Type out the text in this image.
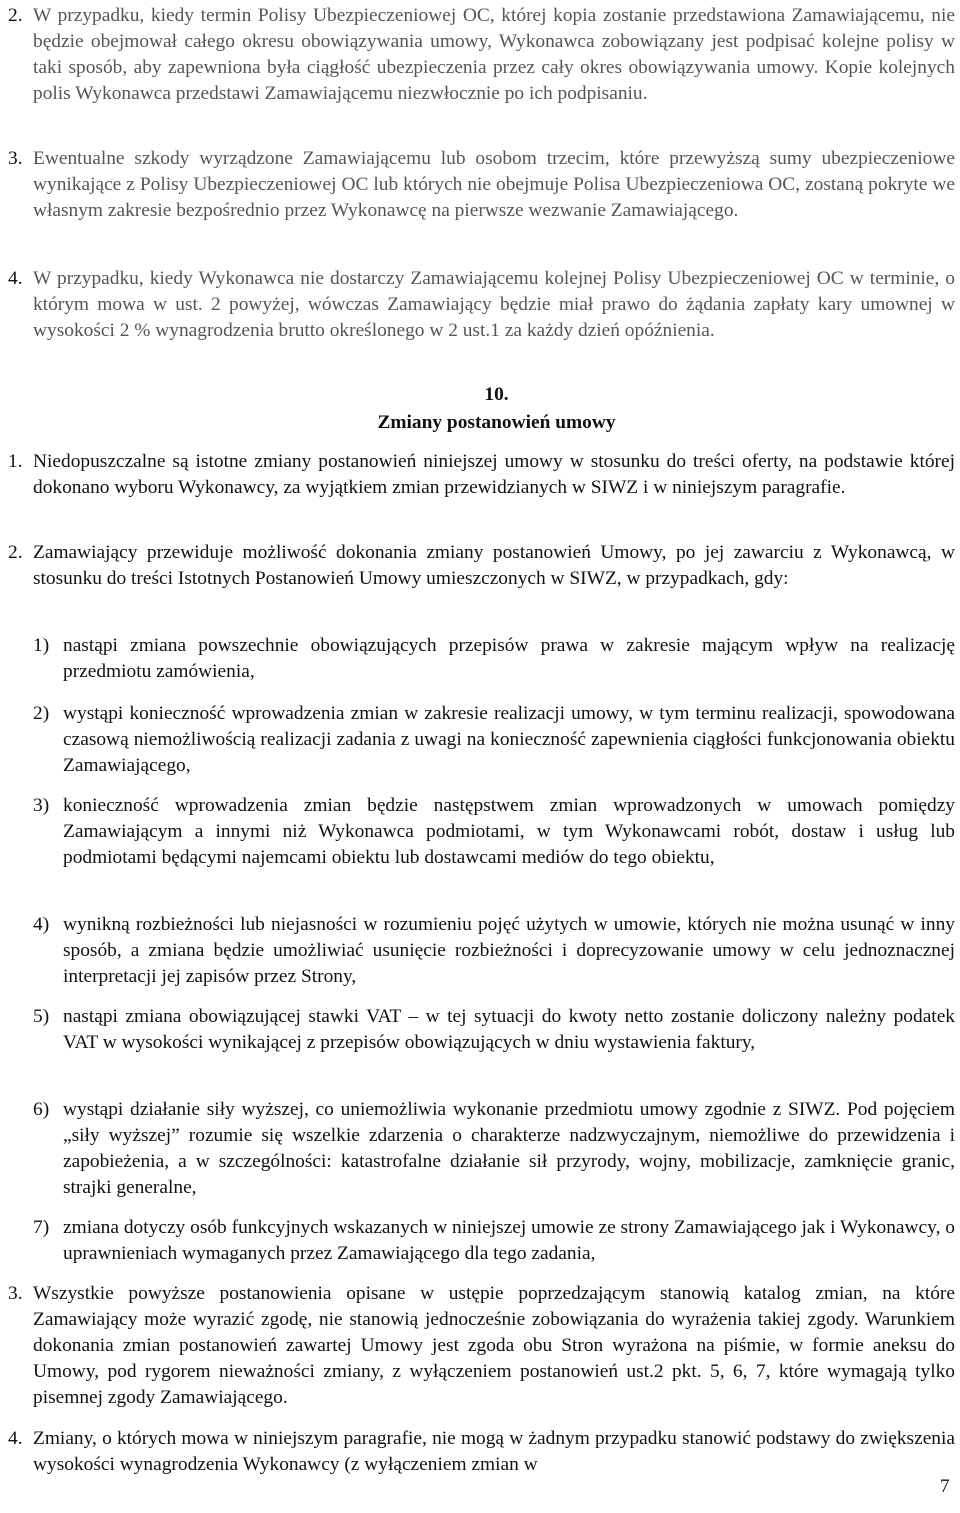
2. W przypadku, kiedy termin Polisy Ubezpieczeniowej OC, której kopia zostanie przedstawiona Zamawiającemu, nie będzie obejmował całego okresu obowiązywania umowy, Wykonawca zobowiązany jest podpisać kolejne polisy w taki sposób, aby zapewniona była ciągłość ubezpieczenia przez cały okres obowiązywania umowy. Kopie kolejnych polis Wykonawca przedstawi Zamawiającemu niezwłocznie po ich podpisaniu.
3. Ewentualne szkody wyrządzone Zamawiającemu lub osobom trzecim, które przewyższą sumy ubezpieczeniowe wynikające z Polisy Ubezpieczeniowej OC lub których nie obejmuje Polisa Ubezpieczeniowa OC, zostaną pokryte we własnym zakresie bezpośrednio przez Wykonawcę na pierwsze wezwanie Zamawiającego.
4. W przypadku, kiedy Wykonawca nie dostarczy Zamawiającemu kolejnej Polisy Ubezpieczeniowej OC w terminie, o którym mowa w ust. 2 powyżej, wówczas Zamawiający będzie miał prawo do żądania zapłaty kary umownej w wysokości 2 % wynagrodzenia brutto określonego w 2 ust.1 za każdy dzień opóźnienia.
10.
Zmiany postanowień umowy
1. Niedopuszczalne są istotne zmiany postanowień niniejszej umowy w stosunku do treści oferty, na podstawie której dokonano wyboru Wykonawcy, za wyjątkiem zmian przewidzianych w SIWZ i w niniejszym paragrafie.
2. Zamawiający przewiduje możliwość dokonania zmiany postanowień Umowy, po jej zawarciu z Wykonawcą, w stosunku do treści Istotnych Postanowień Umowy umieszczonych w SIWZ, w przypadkach, gdy:
1) nastąpi zmiana powszechnie obowiązujących przepisów prawa w zakresie mającym wpływ na realizację przedmiotu zamówienia,
2) wystąpi konieczność wprowadzenia zmian w zakresie realizacji umowy, w tym terminu realizacji, spowodowana czasową niemożliwością realizacji zadania z uwagi na konieczność zapewnienia ciągłości funkcjonowania obiektu Zamawiającego,
3) konieczność wprowadzenia zmian będzie następstwem zmian wprowadzonych w umowach pomiędzy Zamawiającym a innymi niż Wykonawca podmiotami, w tym Wykonawcami robót, dostaw i usług lub podmiotami będącymi najemcami obiektu lub dostawcami mediów do tego obiektu,
4) wynikną rozbieżności lub niejasności w rozumieniu pojęć użytych w umowie, których nie można usunąć w inny sposób, a zmiana będzie umożliwiać usunięcie rozbieżności i doprecyzowanie umowy w celu jednoznacznej interpretacji jej zapisów przez Strony,
5) nastąpi zmiana obowiązującej stawki VAT – w tej sytuacji do kwoty netto zostanie doliczony należny podatek VAT w wysokości wynikającej z przepisów obowiązujących w dniu wystawienia faktury,
6) wystąpi działanie siły wyższej, co uniemożliwia wykonanie przedmiotu umowy zgodnie z SIWZ. Pod pojęciem „siły wyższej” rozumie się wszelkie zdarzenia o charakterze nadzwyczajnym, niemożliwe do przewidzenia i zapobieżenia, a w szczególności: katastrofalne działanie sił przyrody, wojny, mobilizacje, zamknięcie granic, strajki generalne,
7) zmiana dotyczy osób funkcyjnych wskazanych w niniejszej umowie ze strony Zamawiającego jak i Wykonawcy, o uprawnieniach wymaganych przez Zamawiającego dla tego zadania,
3. Wszystkie powyższe postanowienia opisane w ustępie poprzedzającym stanowią katalog zmian, na które Zamawiający może wyrazić zgodę, nie stanowią jednocześnie zobowiązania do wyrażenia takiej zgody. Warunkiem dokonania zmian postanowień zawartej Umowy jest zgoda obu Stron wyrażona na piśmie, w formie aneksu do Umowy, pod rygorem nieważności zmiany, z wyłączeniem postanowień ust.2 pkt. 5, 6, 7, które wymagają tylko pisemnej zgody Zamawiającego.
4. Zmiany, o których mowa w niniejszym paragrafie, nie mogą w żadnym przypadku stanowić podstawy do zwiększenia wysokości wynagrodzenia Wykonawcy (z wyłączeniem zmian w
7
